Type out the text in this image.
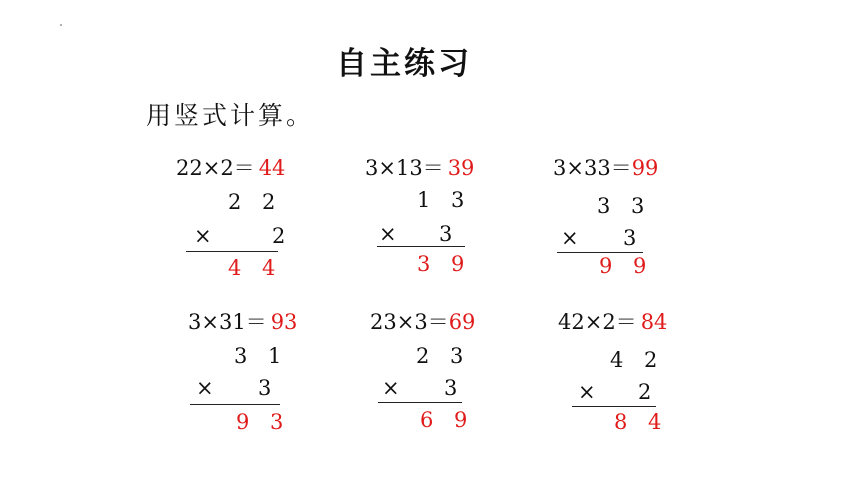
自主练习
用竖式计算。
22×2＝ 44
2 2
×	2
4 4
3×13＝ 39
1 3
× 3
3 9
3×33＝99
3 3
× 3
9 9
3×31＝ 93
3 1
× 3
9 3
23×3＝69
2 3
× 3
6 9
42×2＝ 84
4 2
× 2
8 4
